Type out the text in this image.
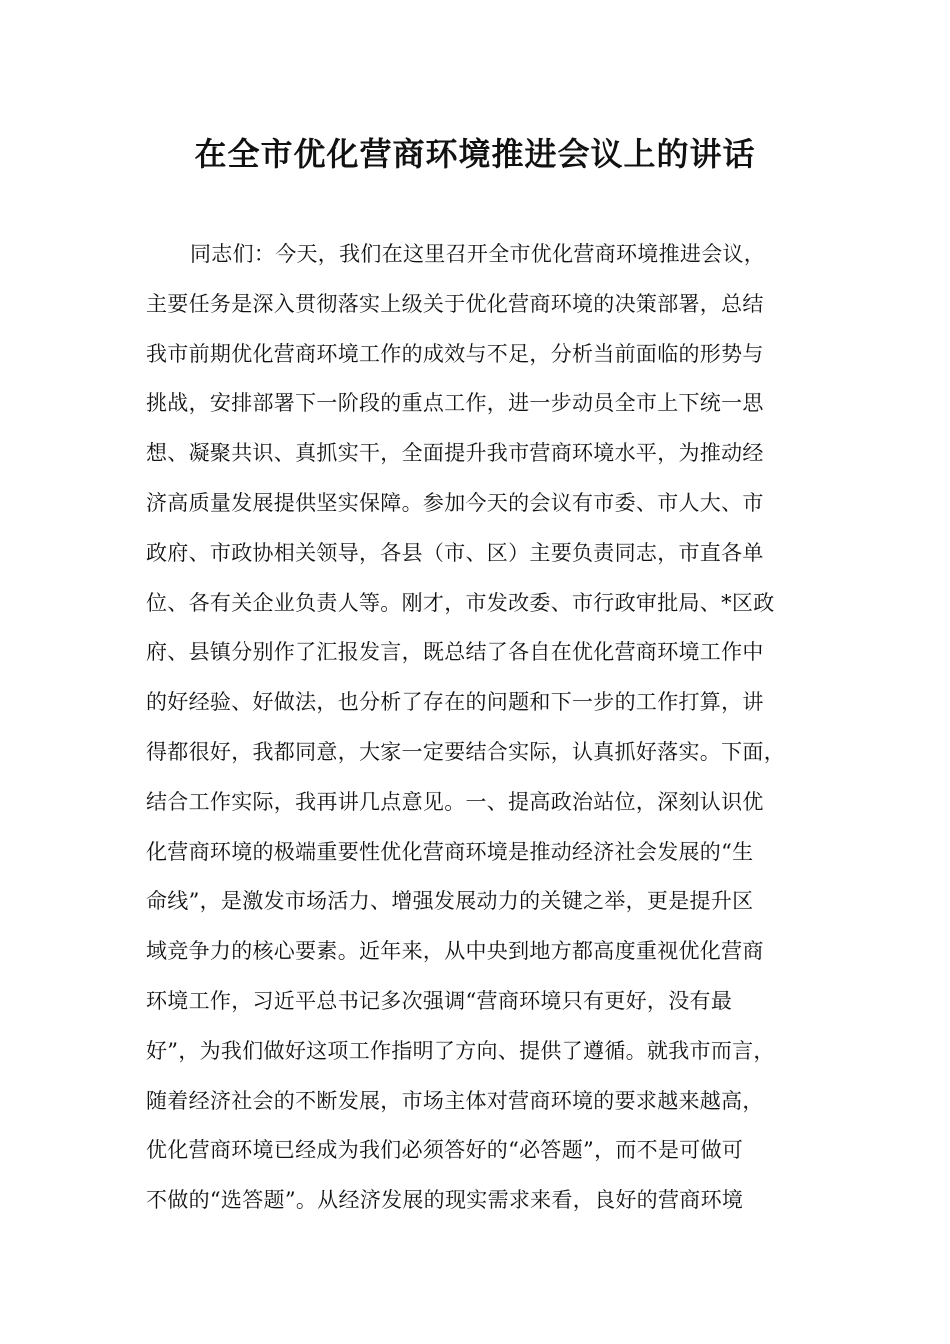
在全市优化营商环境推进会议上的讲话
同志们：今天，我们在这里召开全市优化营商环境推进会议，
主要任务是深入贯彻落实上级关于优化营商环境的决策部署，总结
我市前期优化营商环境工作的成效与不足，分析当前面临的形势与
挑战，安排部署下一阶段的重点工作，进一步动员全市上下统一思
想、凝聚共识、真抓实干，全面提升我市营商环境水平，为推动经
济高质量发展提供坚实保障。参加今天的会议有市委、市人大、市
政府、市政协相关领导，各县（市、区）主要负责同志，市直各单
位、各有关企业负责人等。刚才，市发改委、市行政审批局、*区政
府、县镇分别作了汇报发言，既总结了各自在优化营商环境工作中
的好经验、好做法，也分析了存在的问题和下一步的工作打算，讲
得都很好，我都同意，大家一定要结合实际，认真抓好落实。下面，
结合工作实际，我再讲几点意见。一、提高政治站位，深刻认识优
化营商环境的极端重要性优化营商环境是推动经济社会发展的“生
命线”，是激发市场活力、增强发展动力的关键之举，更是提升区
域竞争力的核心要素。近年来，从中央到地方都高度重视优化营商
环境工作，习近平总书记多次强调“营商环境只有更好，没有最
好”，为我们做好这项工作指明了方向、提供了遵循。就我市而言，
随着经济社会的不断发展，市场主体对营商环境的要求越来越高，
优化营商环境已经成为我们必须答好的“必答题”，而不是可做可
不做的“选答题”。从经济发展的现实需求来看，良好的营商环境
